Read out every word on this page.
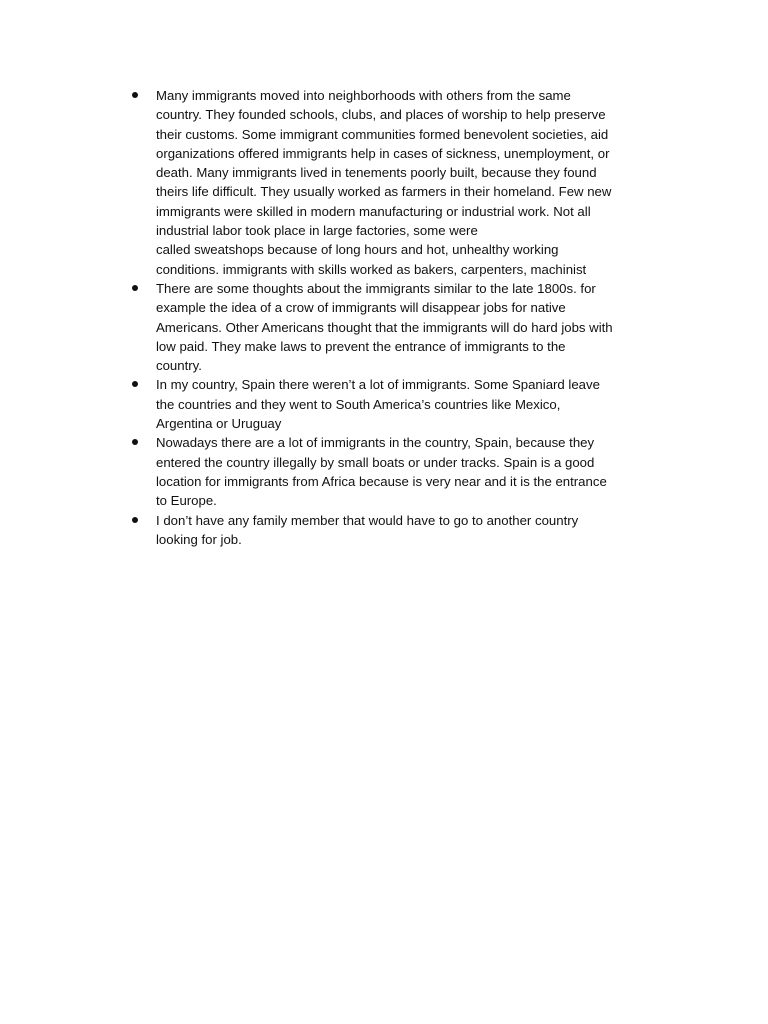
Many immigrants moved into neighborhoods with others from the same
country. They founded schools, clubs, and places of worship to help preserve
their customs. Some immigrant communities formed benevolent societies, aid
organizations offered immigrants help in cases of sickness, unemployment, or
death. Many immigrants lived in tenements poorly built, because they found
theirs life difficult. They usually worked as farmers in their homeland. Few new
immigrants were skilled in modern manufacturing or industrial work. Not all
industrial labor took place in large factories, some were
called sweatshops because of long hours and hot, unhealthy working
conditions. immigrants with skills worked as bakers, carpenters, machinist
There are some thoughts about the immigrants similar to the late 1800s. for
example the idea of a crow of immigrants will disappear jobs for native
Americans. Other Americans thought that the immigrants will do hard jobs with
low paid. They make laws to prevent the entrance of immigrants to the
country.
In my country, Spain there weren’t a lot of immigrants. Some Spaniard leave
the countries and they went to South America’s countries like Mexico,
Argentina or Uruguay
Nowadays there are a lot of immigrants in the country, Spain, because they
entered the country illegally by small boats or under tracks. Spain is a good
location for immigrants from Africa because is very near and it is the entrance
to Europe.
I don’t have any family member that would have to go to another country
looking for job.
